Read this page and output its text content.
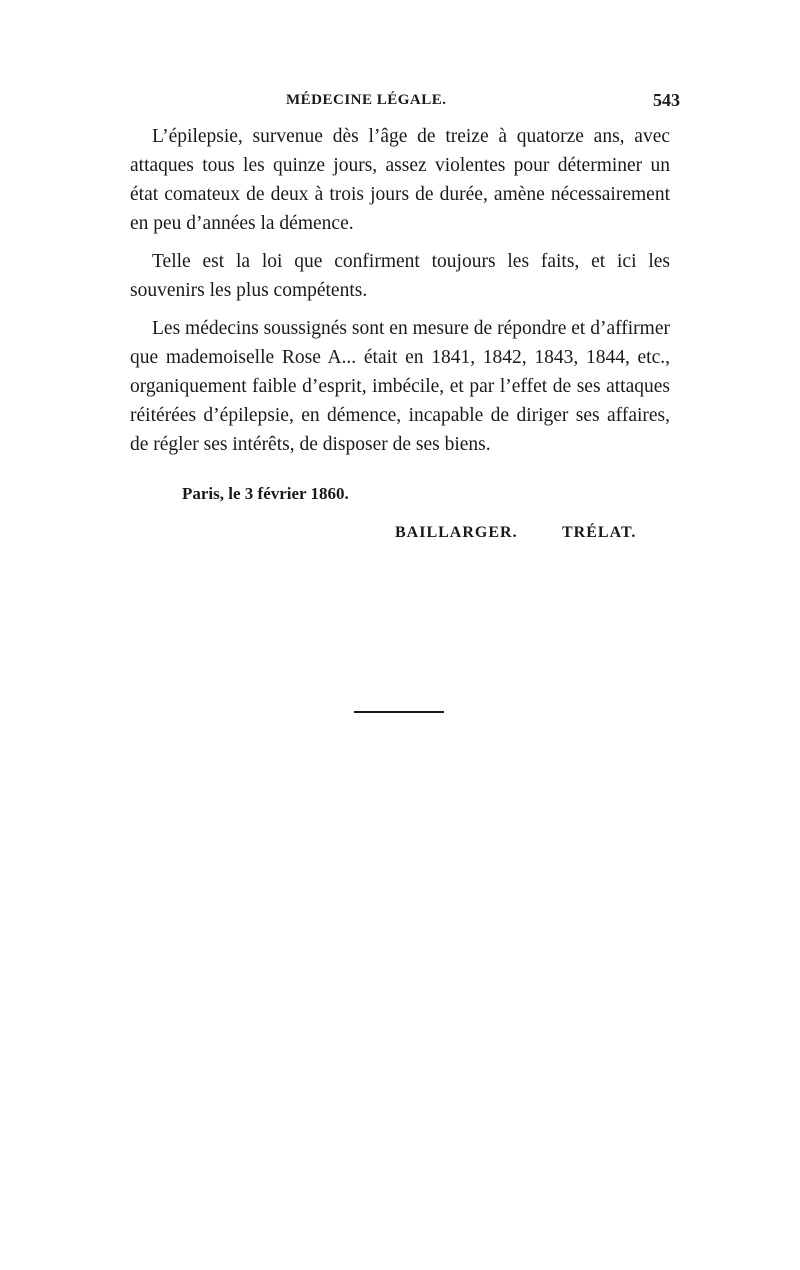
MÉDECINE LÉGALE.	543

L’épilepsie, survenue dès l’âge de treize à quatorze ans, avec attaques tous les quinze jours, assez violentes pour déterminer un état comateux de deux à trois jours de durée, amène nécessairement en peu d’années la démence.

Telle est la loi que confirment toujours les faits, et ici les souvenirs les plus compétents.

Les médecins soussignés sont en mesure de répondre et d’affirmer que mademoiselle Rose A... était en 1841, 1842, 1843, 1844, etc., organiquement faible d’esprit, imbécile, et par l’effet de ses attaques réitérées d’épilepsie, en démence, incapable de diriger ses affaires, de régler ses intérêts, de disposer de ses biens.

Paris, le 3 février 1860.
BAILLARGER.	TRÉLAT.
